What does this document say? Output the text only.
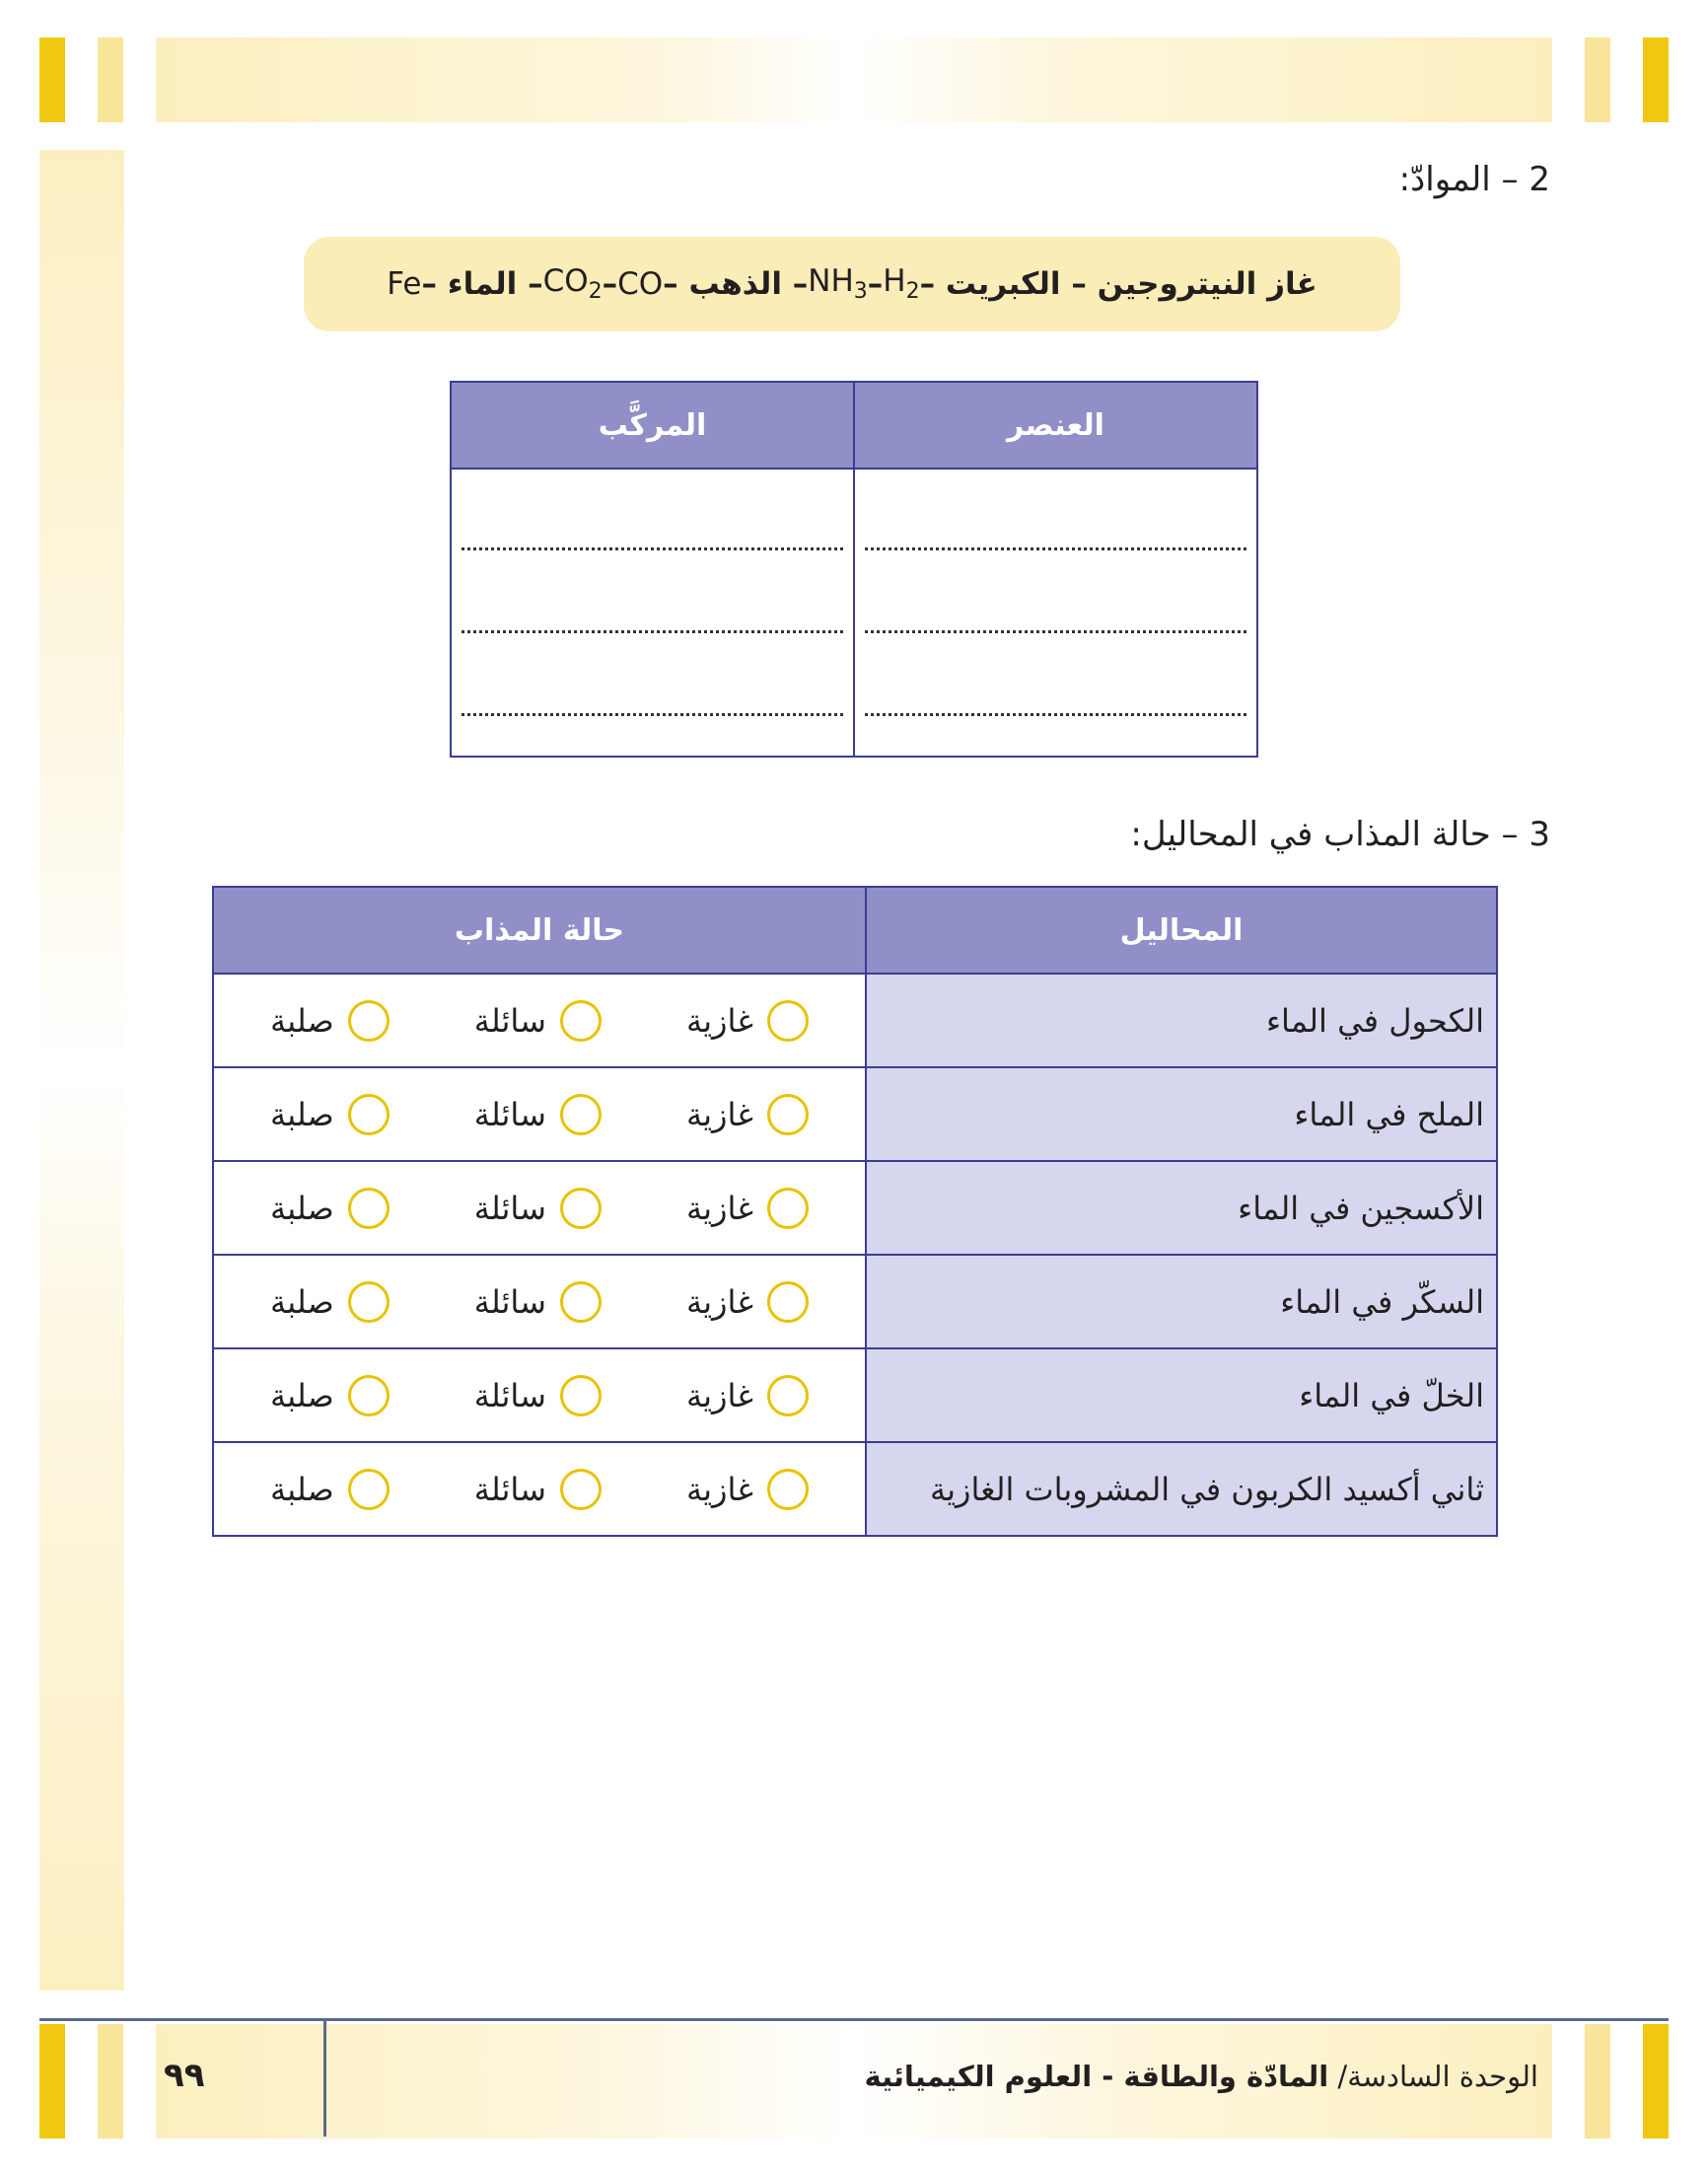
2 – الموادّ:
غاز النيتروجين – الكبريت –
$H_2$
–
$NH_3$
– الذهب –
CO
–
$CO_2$
– الماء –
Fe
العنصر	المركَّب

3 – حالة المذاب في المحاليل:
المحاليل	حالة المذاب
الكحول في الماء	غازية
سائلة
صلبة

الملح في الماء	غازية
سائلة
صلبة

الأكسجين في الماء	غازية
سائلة
صلبة

السكّر في الماء	غازية
سائلة
صلبة

الخلّ في الماء	غازية
سائلة
صلبة

ثاني أكسيد الكربون في المشروبات الغازية	غازية
سائلة
صلبة
الوحدة السادسة/ المادّة والطاقة - العلوم الكيميائية
٩٩
